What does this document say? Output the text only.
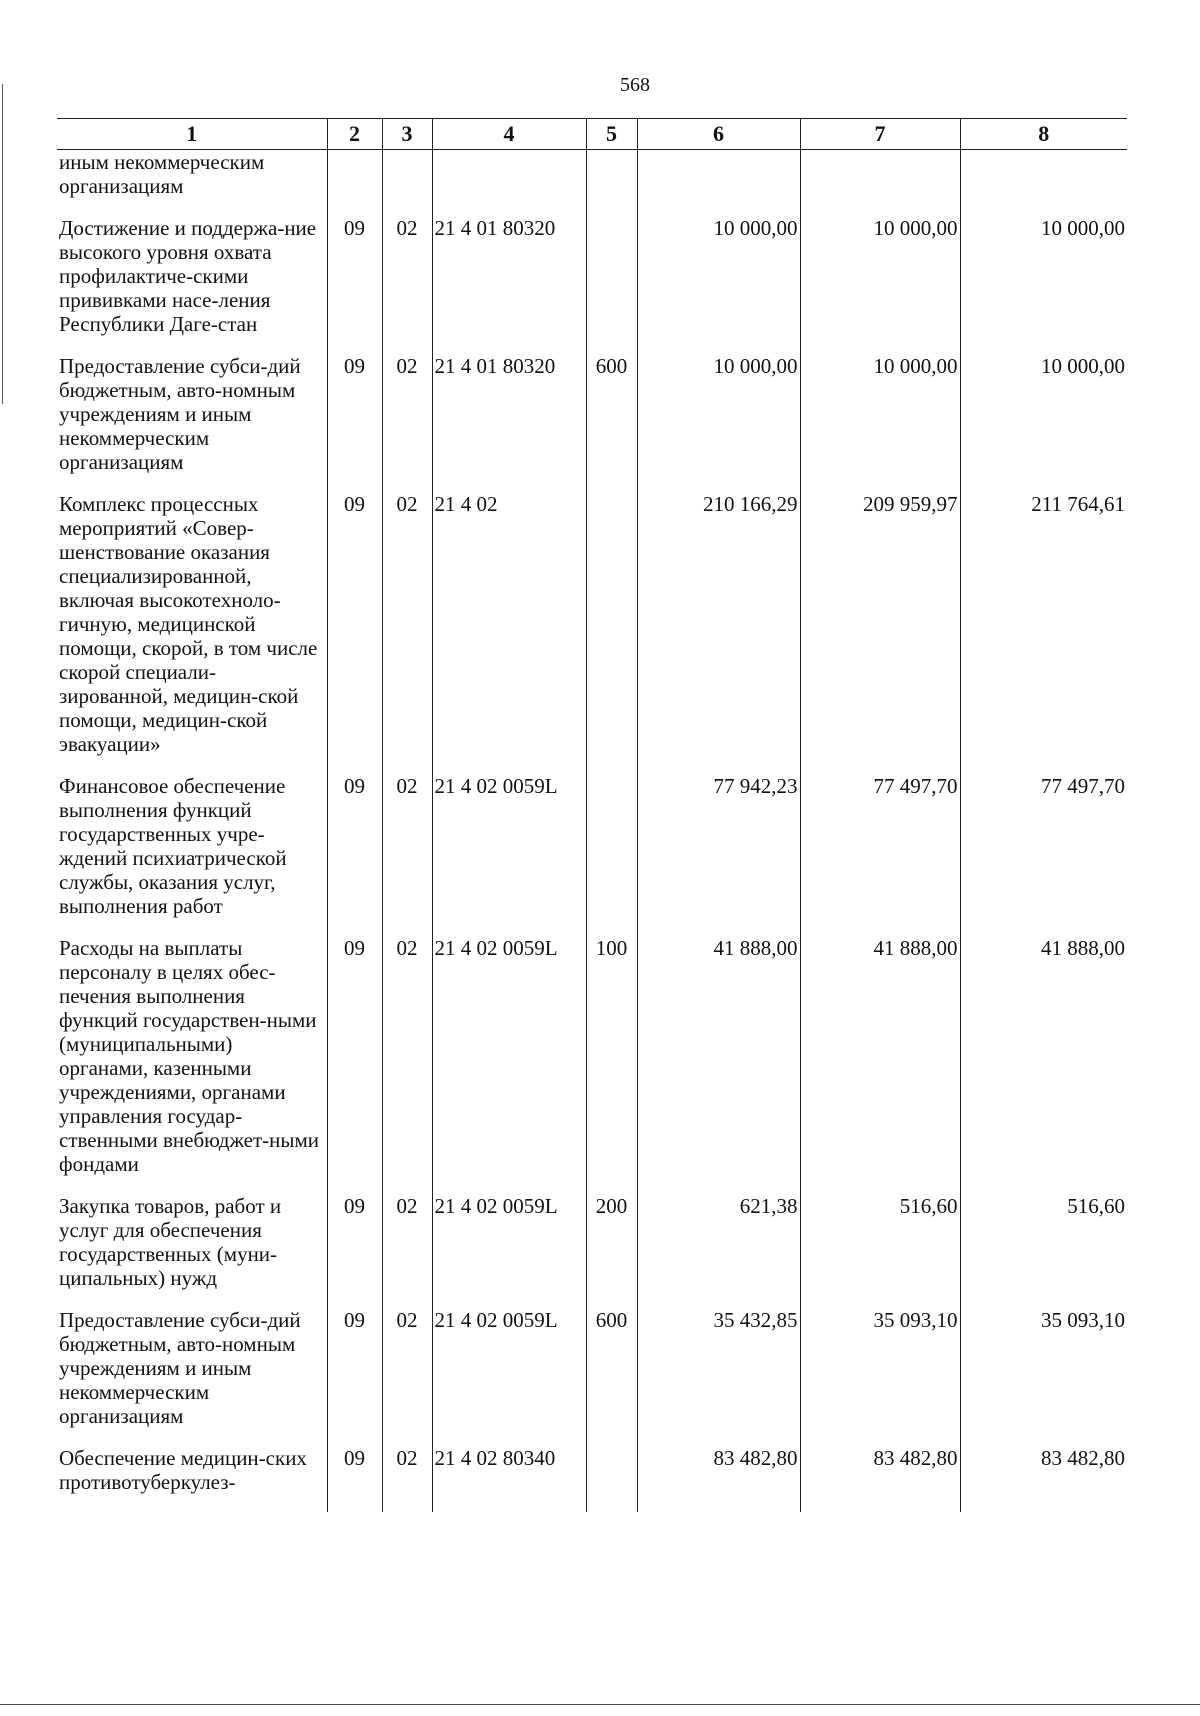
568
1	2	3	4	5	6	7	8
иным некоммерческим организациям							
Достижение и поддержа-ние высокого уровня охвата профилактиче-скими прививками насе-ления Республики Даге-стан	09	02	21 4 01 80320		10 000,00	10 000,00	10 000,00
Предоставление субси-дий бюджетным, авто-номным учреждениям и иным некоммерческим организациям	09	02	21 4 01 80320	600	10 000,00	10 000,00	10 000,00
Комплекс процессных мероприятий «Совер-шенствование оказания специализированной, включая высокотехноло-гичную, медицинской помощи, скорой, в том числе скорой специали-зированной, медицин-ской помощи, медицин-ской эвакуации»	09	02	21 4 02		210 166,29	209 959,97	211 764,61
Финансовое обеспечение выполнения функций государственных учре-ждений психиатрической службы, оказания услуг, выполнения работ	09	02	21 4 02 0059L		77 942,23	77 497,70	77 497,70
Расходы на выплаты персоналу в целях обес-печения выполнения функций государствен-ными (муниципальными) органами, казенными учреждениями, органами управления государ-ственными внебюджет-ными фондами	09	02	21 4 02 0059L	100	41 888,00	41 888,00	41 888,00
Закупка товаров, работ и услуг для обеспечения государственных (муни-ципальных) нужд	09	02	21 4 02 0059L	200	621,38	516,60	516,60
Предоставление субси-дий бюджетным, авто-номным учреждениям и иным некоммерческим организациям	09	02	21 4 02 0059L	600	35 432,85	35 093,10	35 093,10
Обеспечение медицин-ских противотуберкулез-	09	02	21 4 02 80340		83 482,80	83 482,80	83 482,80
